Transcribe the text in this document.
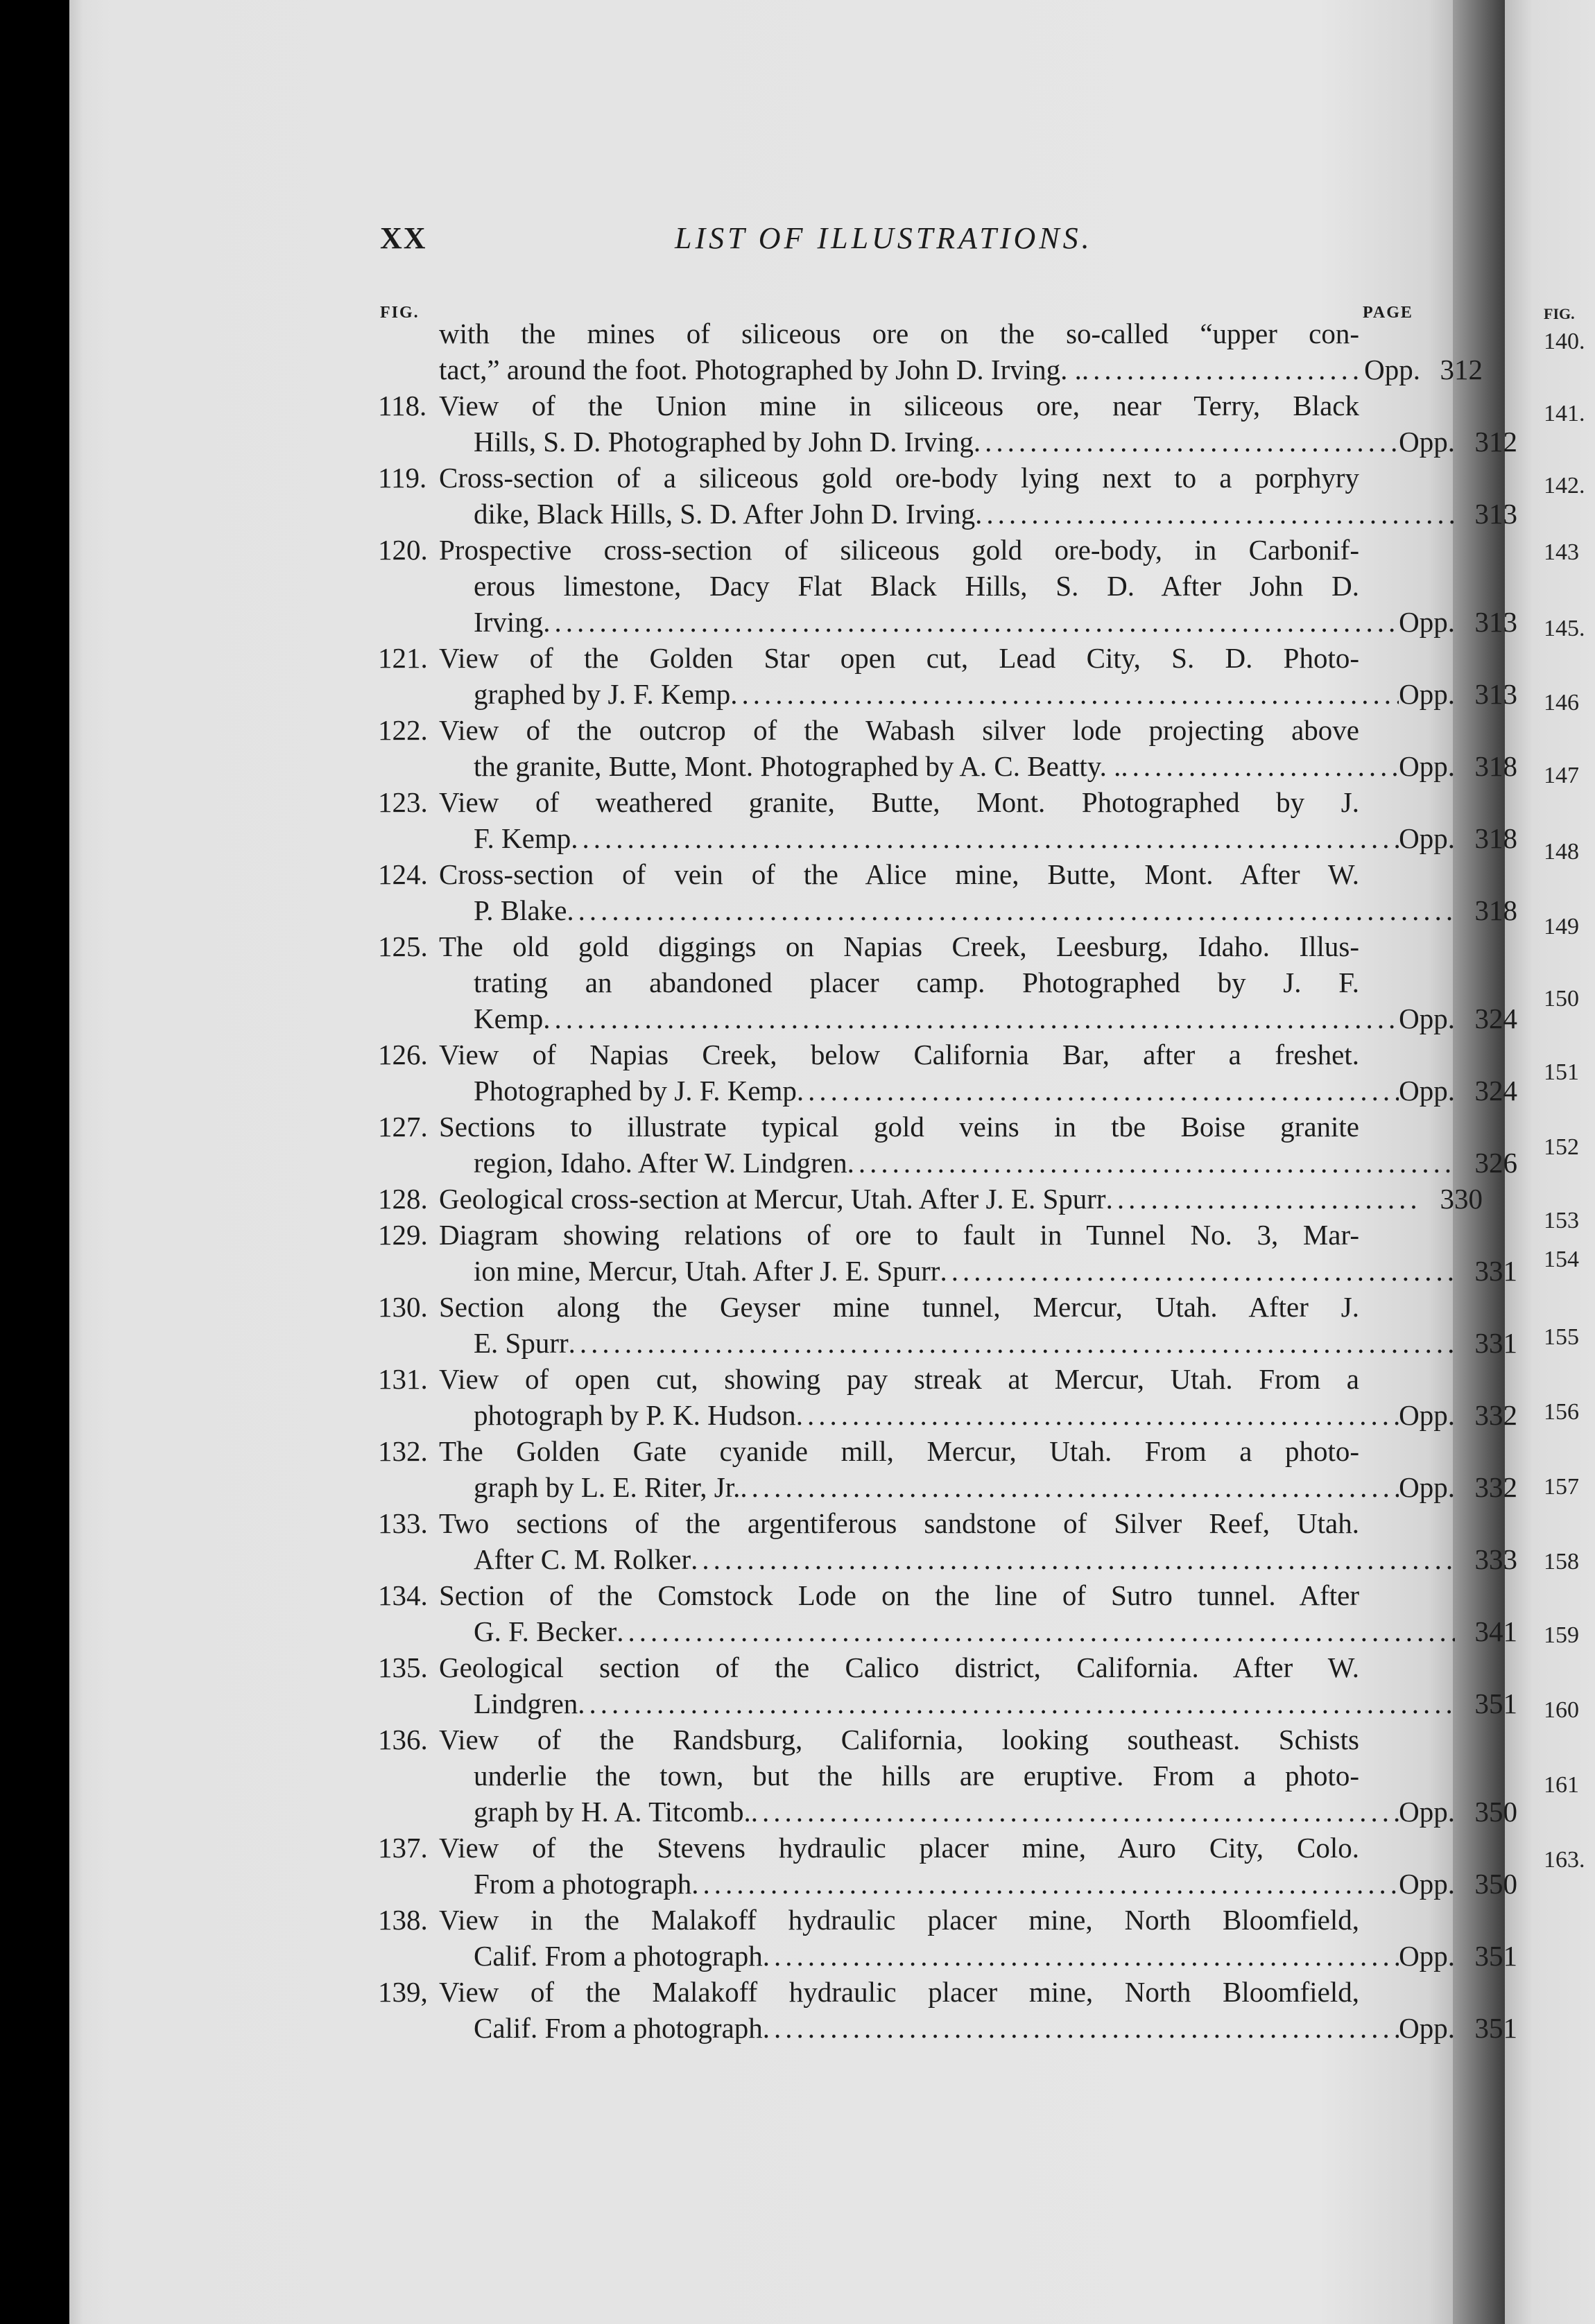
XX	LIST OF ILLUSTRATIONS.
FIG.	PAGE
with the mines of siliceous ore on the so-called “upper con-
tact,” around the foot. Photographed by John D. Irving. . .....	Opp. 312
118. View of the Union mine in siliceous ore, near Terry, Black
Hills, S. D. Photographed by John D. Irving .....	Opp. 312
119. Cross-section of a siliceous gold ore-body lying next to a porphyry
dike, Black Hills, S. D. After John D. Irving .....	313
120. Prospective cross-section of siliceous gold ore-body, in Carbonif-
erous limestone, Dacy Flat Black Hills, S. D. After John D.
Irving .....	Opp. 313
121. View of the Golden Star open cut, Lead City, S. D. Photo-
graphed by J. F. Kemp .....	Opp. 313
122. View of the outcrop of the Wabash silver lode projecting above
the granite, Butte, Mont. Photographed by A. C. Beatty. . .....	Opp. 318
123. View of weathered granite, Butte, Mont. Photographed by J.
F. Kemp .....	Opp. 318
124. Cross-section of vein of the Alice mine, Butte, Mont. After W.
P. Blake .....	318
125. The old gold diggings on Napias Creek, Leesburg, Idaho. Illus-
trating an abandoned placer camp. Photographed by J. F.
Kemp .....	Opp. 324
126. View of Napias Creek, below California Bar, after a freshet.
Photographed by J. F. Kemp .....	Opp. 324
127. Sections to illustrate typical gold veins in tbe Boise granite
region, Idaho. After W. Lindgren .....	326
128. Geological cross-section at Mercur, Utah. After J. E. Spurr .....	330
129. Diagram showing relations of ore to fault in Tunnel No. 3, Mar-
ion mine, Mercur, Utah. After J. E. Spurr .....	331
130. Section along the Geyser mine tunnel, Mercur, Utah. After J.
E. Spurr .....	331
131. View of open cut, showing pay streak at Mercur, Utah. From a
photograph by P. K. Hudson .....	Opp. 332
132. The Golden Gate cyanide mill, Mercur, Utah. From a photo-
graph by L. E. Riter, Jr. .....	Opp. 332
133. Two sections of the argentiferous sandstone of Silver Reef, Utah.
After C. M. Rolker .....	333
134. Section of the Comstock Lode on the line of Sutro tunnel. After
G. F. Becker .....	341
135. Geological section of the Calico district, California. After W.
Lindgren .....	351
136. View of the Randsburg, California, looking southeast. Schists
underlie the town, but the hills are eruptive. From a photo-
graph by H. A. Titcomb. .....	Opp. 350
137. View of the Stevens hydraulic placer mine, Auro City, Colo.
From a photograph .....	Opp. 350
138. View in the Malakoff hydraulic placer mine, North Bloomfield,
Calif. From a photograph .....	Opp. 351
139, View of the Malakoff hydraulic placer mine, North Bloomfield,
Calif. From a photograph .....	Opp. 351
FIG.
140.
141.
142.
143
145.
146
147
148
149
150
151
152
153
154
155
156
157
158
159
160
161
163.
